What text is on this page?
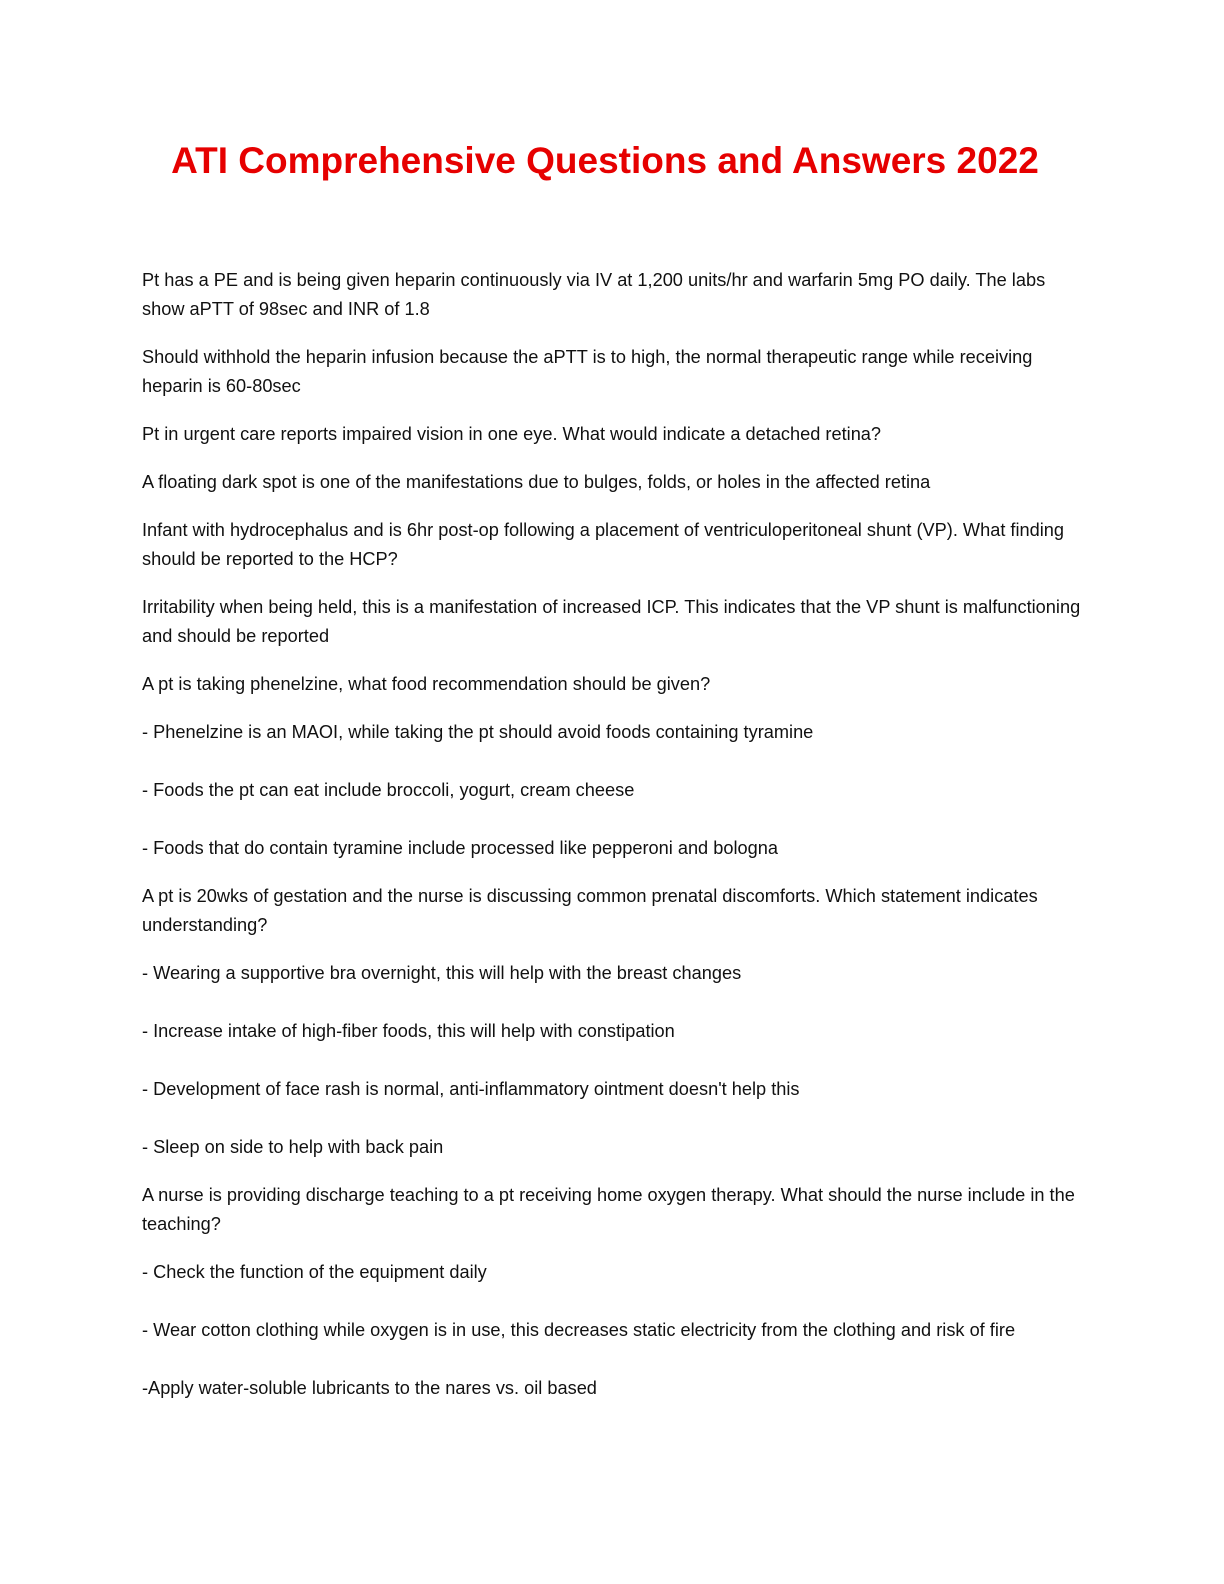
ATI Comprehensive Questions and Answers 2022

Pt has a PE and is being given heparin continuously via IV at 1,200 units/hr and warfarin 5mg PO daily. The labs show aPTT of 98sec and INR of 1.8

Should withhold the heparin infusion because the aPTT is to high, the normal therapeutic range while receiving heparin is 60-80sec

Pt in urgent care reports impaired vision in one eye. What would indicate a detached retina?

A floating dark spot is one of the manifestations due to bulges, folds, or holes in the affected retina

Infant with hydrocephalus and is 6hr post-op following a placement of ventriculoperitoneal shunt (VP). What finding should be reported to the HCP?

Irritability when being held, this is a manifestation of increased ICP. This indicates that the VP shunt is malfunctioning and should be reported

A pt is taking phenelzine, what food recommendation should be given?

- Phenelzine is an MAOI, while taking the pt should avoid foods containing tyramine

- Foods the pt can eat include broccoli, yogurt, cream cheese

- Foods that do contain tyramine include processed like pepperoni and bologna

A pt is 20wks of gestation and the nurse is discussing common prenatal discomforts. Which statement indicates understanding?

- Wearing a supportive bra overnight, this will help with the breast changes

- Increase intake of high-fiber foods, this will help with constipation

- Development of face rash is normal, anti-inflammatory ointment doesn't help this

- Sleep on side to help with back pain

A nurse is providing discharge teaching to a pt receiving home oxygen therapy. What should the nurse include in the teaching?

- Check the function of the equipment daily

- Wear cotton clothing while oxygen is in use, this decreases static electricity from the clothing and risk of fire

-Apply water-soluble lubricants to the nares vs. oil based
